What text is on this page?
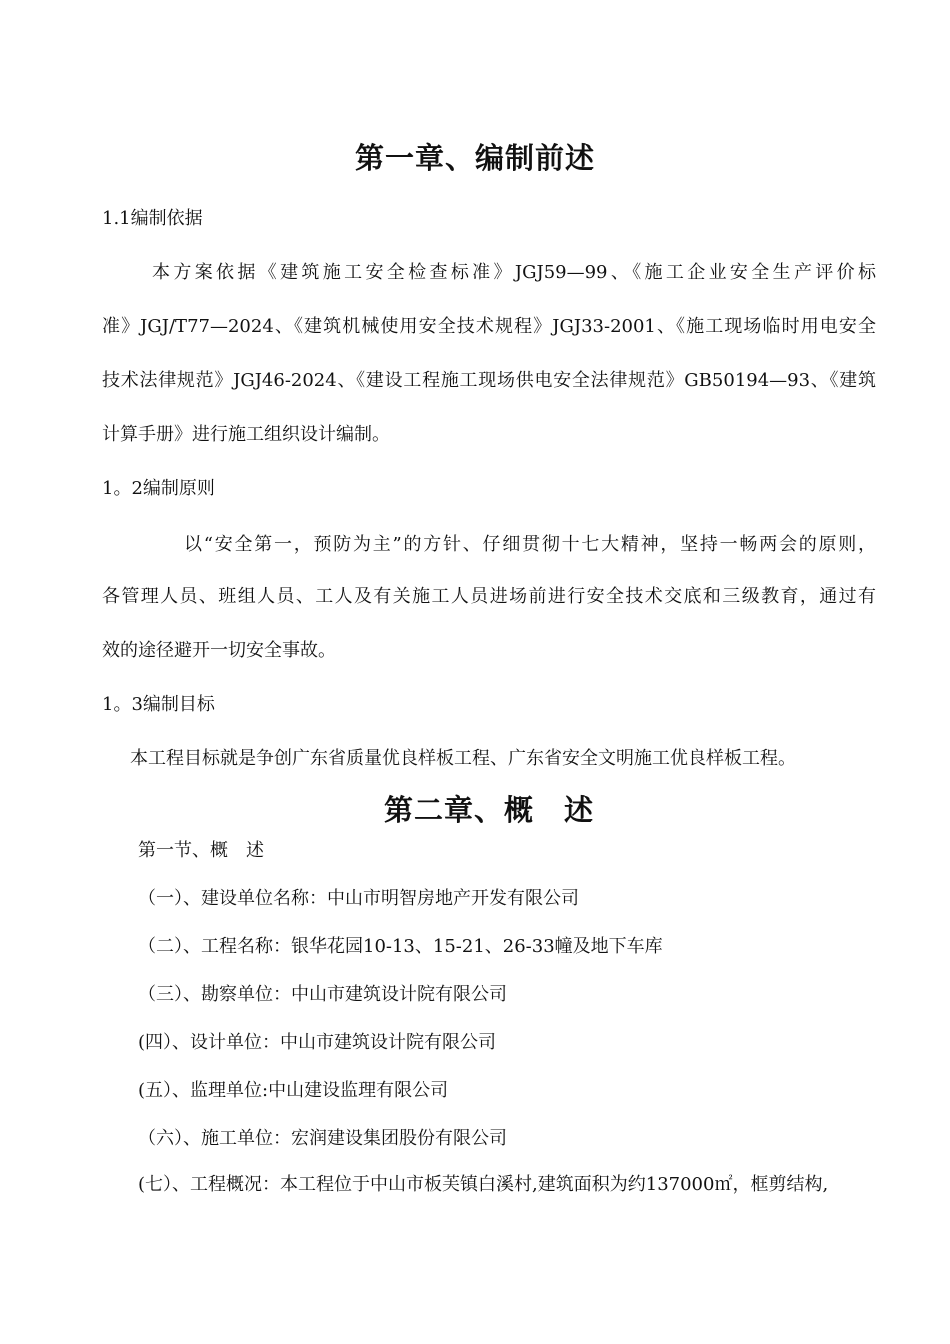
第一章、编制前述
1.1编制依据
本方案依据《建筑施工安全检查标准》JGJ59—99、《施工企业安全生产评价标
准》JGJ/T77—2024、《建筑机械使用安全技术规程》JGJ33-2001、《施工现场临时用电安全
技术法律规范》JGJ46-2024、《建设工程施工现场供电安全法律规范》GB50194—93、《建筑
计算手册》进行施工组织设计编制。
1。2编制原则
以“安全第一，预防为主”的方针、仔细贯彻十七大精神，坚持一畅两会的原则，
各管理人员、班组人员、工人及有关施工人员进场前进行安全技术交底和三级教育，通过有
效的途径避开一切安全事故。
1。3编制目标
本工程目标就是争创广东省质量优良样板工程、广东省安全文明施工优良样板工程。
第二章、概　述
第一节、概　述
（一）、建设单位名称：中山市明智房地产开发有限公司
（二）、工程名称：银华花园10-13、15-21、26-33幢及地下车库
（三）、勘察单位：中山市建筑设计院有限公司
(四）、设计单位：中山市建筑设计院有限公司
(五）、监理单位:中山建设监理有限公司
（六）、施工单位：宏润建设集团股份有限公司
(七）、工程概况：本工程位于中山市板芙镇白溪村,建筑面积为约137000㎡，框剪结构,
